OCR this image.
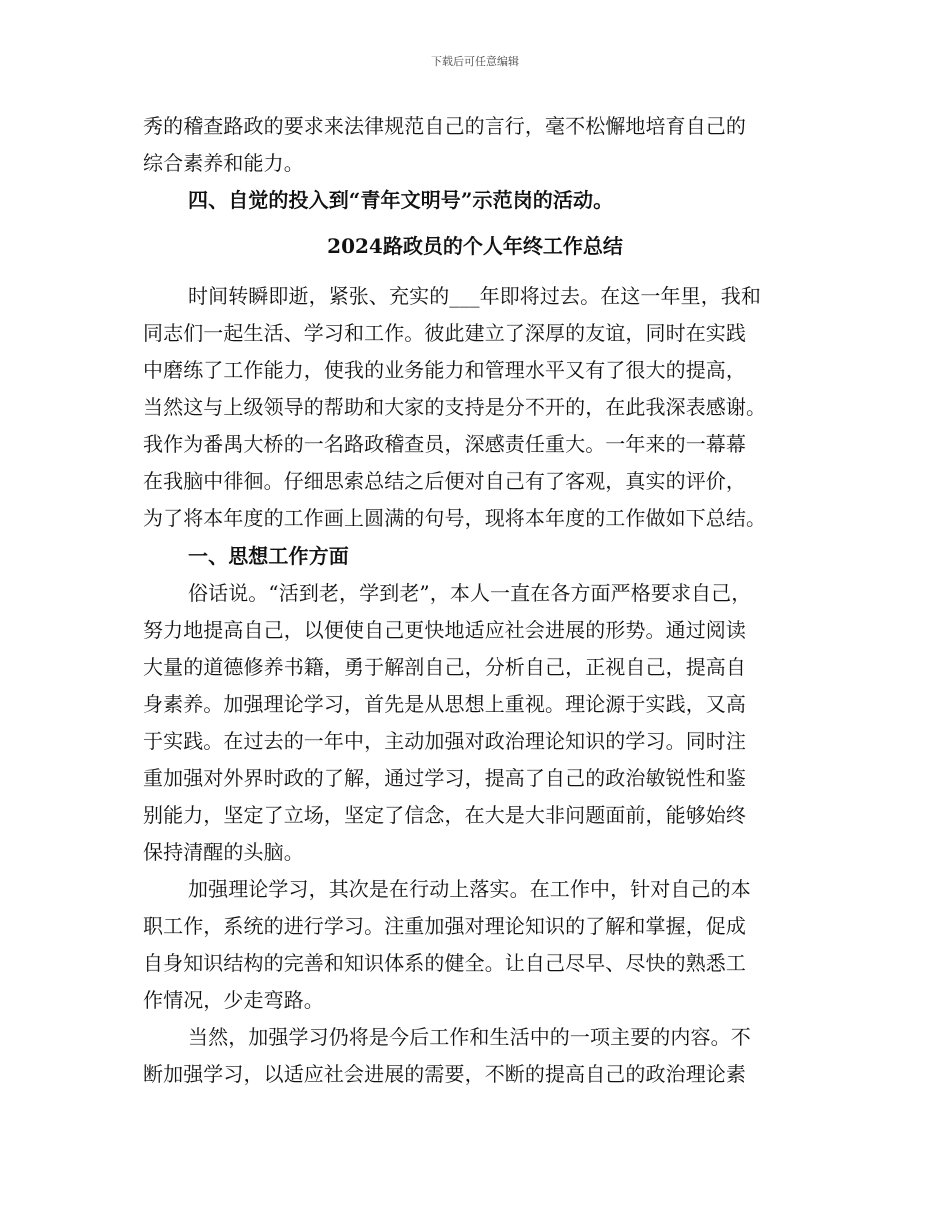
下载后可任意编辑
秀的稽查路政的要求来法律规范自己的言行，毫不松懈地培育自己的
综合素养和能力。
四、自觉的投入到“青年文明号”示范岗的活动。
2024路政员的个人年终工作总结
时间转瞬即逝，紧张、充实的___年即将过去。在这一年里，我和
同志们一起生活、学习和工作。彼此建立了深厚的友谊，同时在实践
中磨练了工作能力，使我的业务能力和管理水平又有了很大的提高，
当然这与上级领导的帮助和大家的支持是分不开的，在此我深表感谢。
我作为番禺大桥的一名路政稽查员，深感责任重大。一年来的一幕幕
在我脑中徘徊。仔细思索总结之后便对自己有了客观，真实的评价，
为了将本年度的工作画上圆满的句号，现将本年度的工作做如下总结。
一、思想工作方面
俗话说。“活到老，学到老”，本人一直在各方面严格要求自己，
努力地提高自己，以便使自己更快地适应社会进展的形势。通过阅读
大量的道德修养书籍，勇于解剖自己，分析自己，正视自己，提高自
身素养。加强理论学习，首先是从思想上重视。理论源于实践，又高
于实践。在过去的一年中，主动加强对政治理论知识的学习。同时注
重加强对外界时政的了解，通过学习，提高了自己的政治敏锐性和鉴
别能力，坚定了立场，坚定了信念，在大是大非问题面前，能够始终
保持清醒的头脑。
加强理论学习，其次是在行动上落实。在工作中，针对自己的本
职工作，系统的进行学习。注重加强对理论知识的了解和掌握，促成
自身知识结构的完善和知识体系的健全。让自己尽早、尽快的熟悉工
作情况，少走弯路。
当然，加强学习仍将是今后工作和生活中的一项主要的内容。不
断加强学习，以适应社会进展的需要，不断的提高自己的政治理论素
